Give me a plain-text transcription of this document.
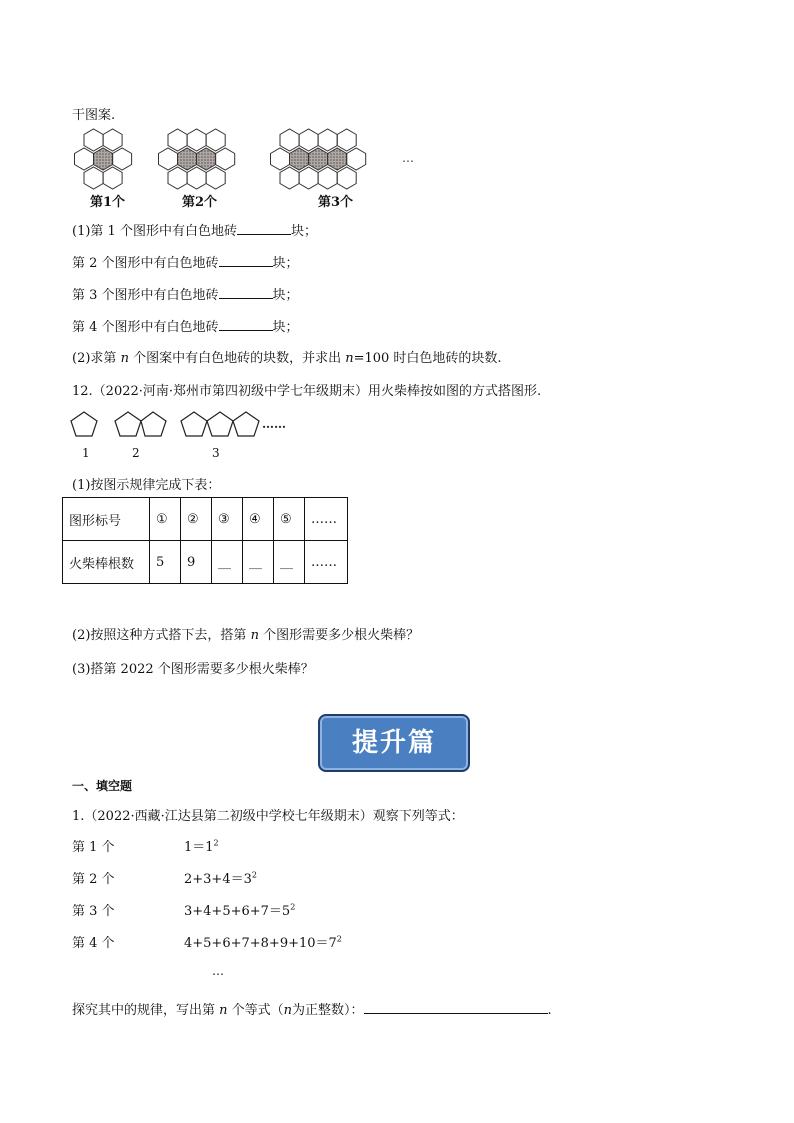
干图案.
…
第1个	第2个	第3个
(1)第 1 个图形中有白色地砖	块；
第 2 个图形中有白色地砖	块；
第 3 个图形中有白色地砖	块；
第 4 个图形中有白色地砖	块；
(2)求第 n 个图案中有白色地砖的块数，并求出 n=100 时白色地砖的块数.
12.（2022·河南·郑州市第四初级中学七年级期末）用火柴棒按如图的方式搭图形.
……
1	2	3
(1)按图示规律完成下表：
图形标号	①	②	③	④	⑤	……
火柴棒根数	5	9	__	__	__	……
(2)按照这种方式搭下去，搭第 n 个图形需要多少根火柴棒？
(3)搭第 2022 个图形需要多少根火柴棒？
提升篇
一、填空题
1.（2022·西藏·江达县第二初级中学校七年级期末）观察下列等式：
第 1 个	$1=1^2$
第 2 个	$2+3+4=3^2$
第 3 个	$3+4+5+6+7=5^2$
第 4 个	$4+5+6+7+8+9+10=7^2$
…
探究其中的规律，写出第 n 个等式（n为正整数）：	.
